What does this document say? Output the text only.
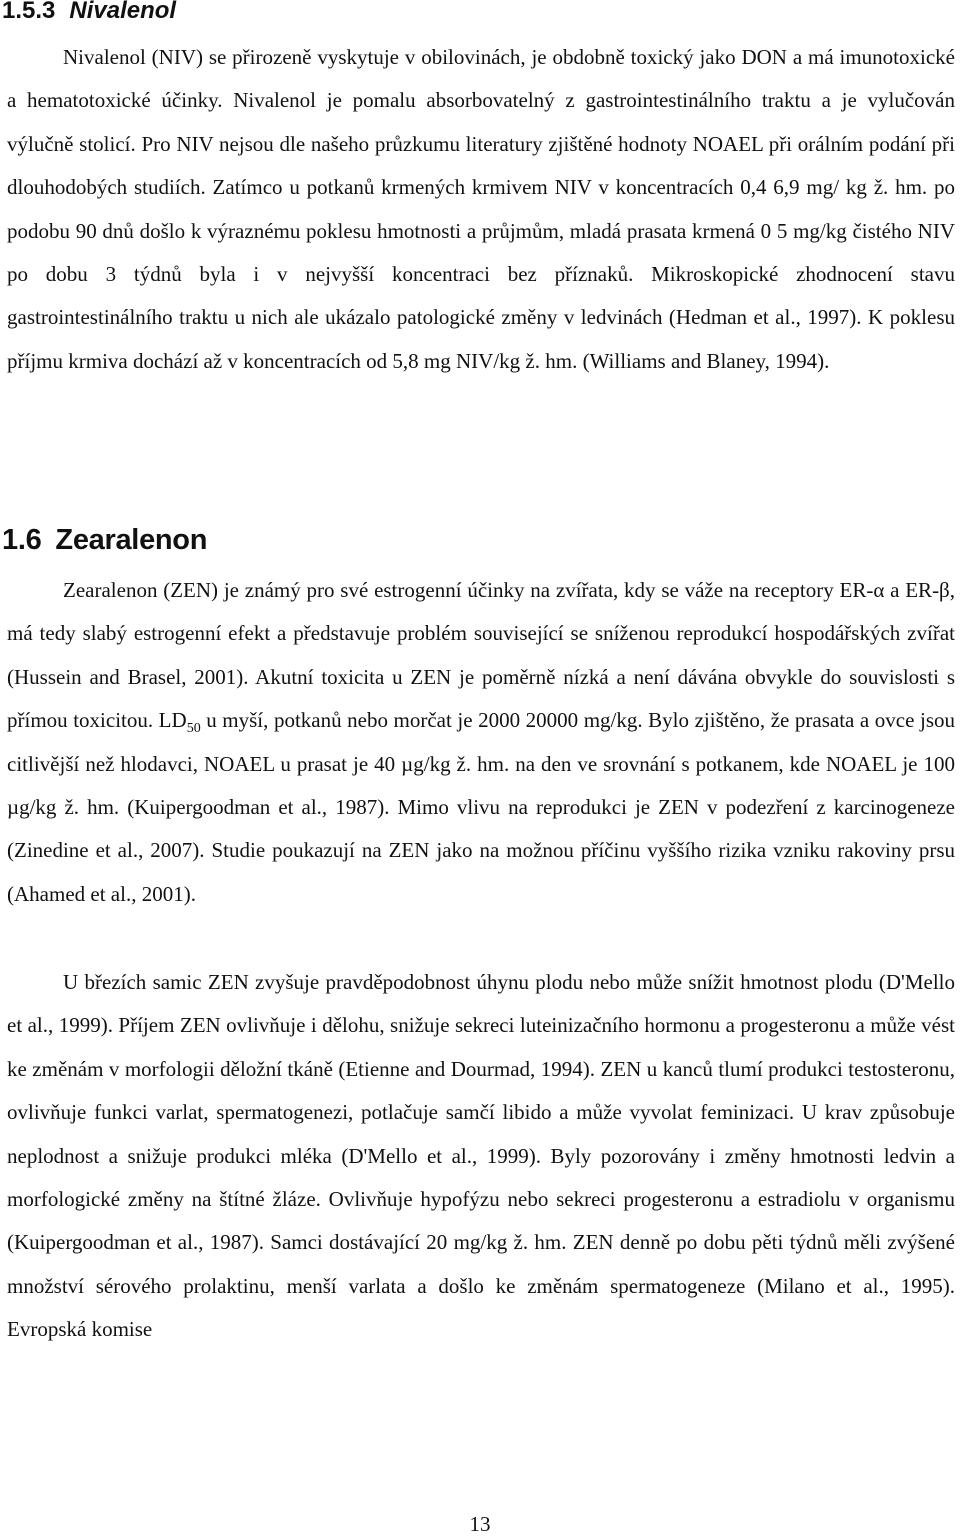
1.5.3 Nivalenol

Nivalenol (NIV) se přirozeně vyskytuje v obilovinách, je obdobně toxický jako DON a má imunotoxické a hematotoxické účinky. Nivalenol je pomalu absorbovatelný z gastrointestinálního traktu a je vylučován výlučně stolicí. Pro NIV nejsou dle našeho průzkumu literatury zjištěné hodnoty NOAEL při orálním podání při dlouhodobých studiích. Zatímco u potkanů krmených krmivem NIV v koncentracích 0,4 6,9 mg/ kg ž. hm. po podobu 90 dnů došlo k výraznému poklesu hmotnosti a průjmům, mladá prasata krmená 0 5 mg/kg čistého NIV po dobu 3 týdnů byla i v nejvyšší koncentraci bez příznaků. Mikroskopické zhodnocení stavu gastrointestinálního traktu u nich ale ukázalo patologické změny v ledvinách (Hedman et al., 1997). K poklesu příjmu krmiva dochází až v koncentracích od 5,8 mg NIV/kg ž. hm. (Williams and Blaney, 1994).

1.6 Zearalenon

Zearalenon (ZEN) je známý pro své estrogenní účinky na zvířata, kdy se váže na receptory ER-α a ER-β, má tedy slabý estrogenní efekt a představuje problém související se sníženou reprodukcí hospodářských zvířat (Hussein and Brasel, 2001). Akutní toxicita u ZEN je poměrně nízká a není dávána obvykle do souvislosti s přímou toxicitou. $LD_{50}$ u myší, potkanů nebo morčat je 2000 20000 mg/kg. Bylo zjištěno, že prasata a ovce jsou citlivější než hlodavci, NOAEL u prasat je 40 µg/kg ž. hm. na den ve srovnání s potkanem, kde NOAEL je 100 µg/kg ž. hm. (Kuipergoodman et al., 1987). Mimo vlivu na reprodukci je ZEN v podezření z karcinogeneze (Zinedine et al., 2007). Studie poukazují na ZEN jako na možnou příčinu vyššího rizika vzniku rakoviny prsu (Ahamed et al., 2001).

U březích samic ZEN zvyšuje pravděpodobnost úhynu plodu nebo může snížit hmotnost plodu (D'Mello et al., 1999). Příjem ZEN ovlivňuje i dělohu, snižuje sekreci luteinizačního hormonu a progesteronu a může vést ke změnám v morfologii děložní tkáně (Etienne and Dourmad, 1994). ZEN u kanců tlumí produkci testosteronu, ovlivňuje funkci varlat, spermatogenezi, potlačuje samčí libido a může vyvolat feminizaci. U krav způsobuje neplodnost a snižuje produkci mléka (D'Mello et al., 1999). Byly pozorovány i změny hmotnosti ledvin a morfologické změny na štítné žláze. Ovlivňuje hypofýzu nebo sekreci progesteronu a estradiolu v organismu (Kuipergoodman et al., 1987). Samci dostávající 20 mg/kg ž. hm. ZEN denně po dobu pěti týdnů měli zvýšené množství sérového prolaktinu, menší varlata a došlo ke změnám spermatogeneze (Milano et al., 1995). Evropská komise

13
